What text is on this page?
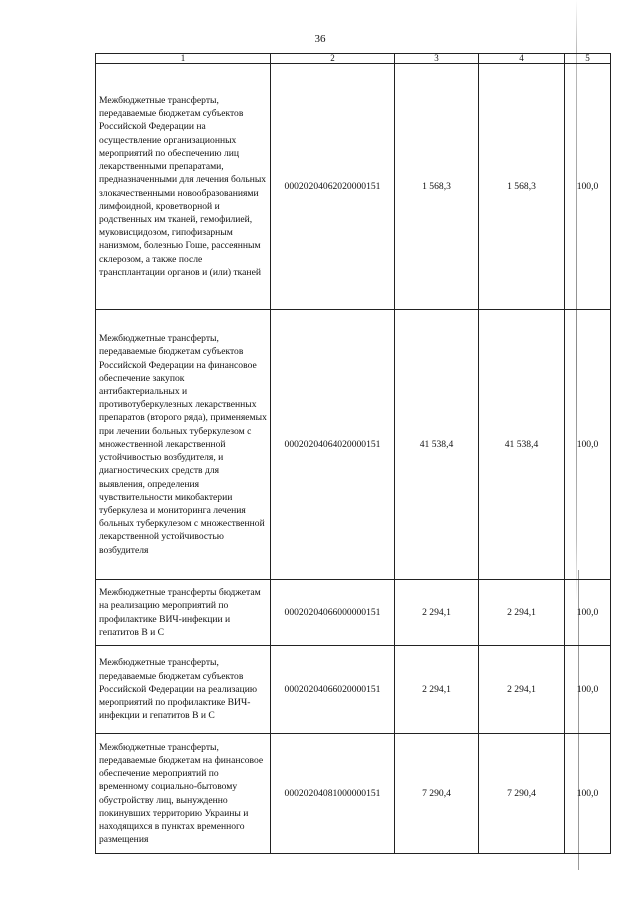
36
1	2	3	4	5
Межбюджетные трансферты, передаваемые бюджетам субъектов Российской Федерации на осуществление организационных мероприятий по обеспечению лиц лекарственными препаратами, предназначенными для лечения больных злокачественными новообразованиями лимфоидной, кроветворной и родственных им тканей, гемофилией, муковисцидозом, гипофизарным нанизмом, болезнью Гоше, рассеянным склерозом, а также после трансплантации органов и (или) тканей	00020204062020000151	1 568,3	1 568,3	100,0
Межбюджетные трансферты, передаваемые бюджетам субъектов Российской Федерации на финансовое обеспечение закупок антибактериальных и противотуберкулезных лекарственных препаратов (второго ряда), применяемых при лечении больных туберкулезом с множественной лекарственной устойчивостью возбудителя, и диагностических средств для выявления, определения чувствительности микобактерии туберкулеза и мониторинга лечения больных туберкулезом с множественной лекарственной устойчивостью возбудителя	00020204064020000151	41 538,4	41 538,4	100,0
Межбюджетные трансферты бюджетам на реализацию мероприятий по профилактике ВИЧ-инфекции и гепатитов В и С	00020204066000000151	2 294,1	2 294,1	100,0
Межбюджетные трансферты, передаваемые бюджетам субъектов Российской Федерации на реализацию мероприятий по профилактике ВИЧ-инфекции и гепатитов В и С	00020204066020000151	2 294,1	2 294,1	100,0
Межбюджетные трансферты, передаваемые бюджетам на финансовое обеспечение мероприятий по временному социально-бытовому обустройству лиц, вынужденно покинувших территорию Украины и находящихся в пунктах временного размещения	00020204081000000151	7 290,4	7 290,4	100,0
